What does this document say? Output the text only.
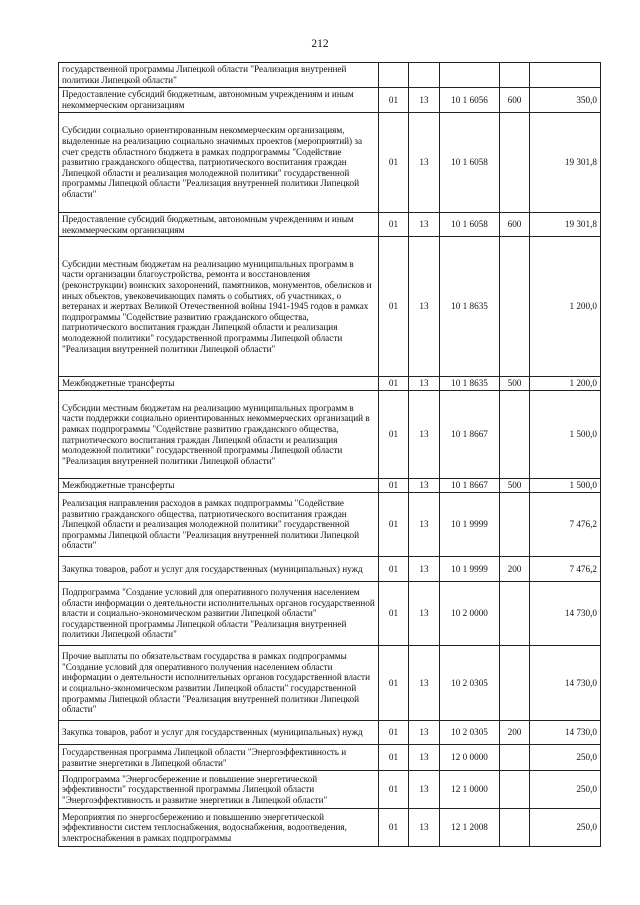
212
государственной программы Липецкой области "Реализация внутренней политики Липецкой области"					
Предоставление субсидий бюджетным, автономным учреждениям и иным некоммерческим организациям	01	13	10 1 6056	600	350,0
Субсидии социально ориентированным некоммерческим организациям, выделенные на реализацию социально значимых проектов (мероприятий) за счет средств областного бюджета в рамках подпрограммы "Содействие развитию гражданского общества, патриотического воспитания граждан Липецкой области и реализация молодежной политики" государственной программы Липецкой области "Реализация внутренней политики Липецкой области"	01	13	10 1 6058		19 301,8
Предоставление субсидий бюджетным, автономным учреждениям и иным некоммерческим организациям	01	13	10 1 6058	600	19 301,8
Субсидии местным бюджетам на реализацию муниципальных программ в части организации благоустройства, ремонта и восстановления (реконструкции) воинских захоронений, памятников, монументов, обелисков и иных объектов, увековечивающих память о событиях, об участниках, о ветеранах и жертвах Великой Отечественной войны 1941-1945 годов в рамках подпрограммы "Содействие развитию гражданского общества, патриотического воспитания граждан Липецкой области и реализация молодежной политики" государственной программы Липецкой области "Реализация внутренней политики Липецкой области"	01	13	10 1 8635		1 200,0
Межбюджетные трансферты	01	13	10 1 8635	500	1 200,0
Субсидии местным бюджетам на реализацию муниципальных программ в части поддержки социально ориентированных некоммерческих организаций в рамках подпрограммы "Содействие развитию гражданского общества, патриотического воспитания граждан Липецкой области и реализация молодежной политики" государственной программы Липецкой области "Реализация внутренней политики Липецкой области"	01	13	10 1 8667		1 500,0
Межбюджетные трансферты	01	13	10 1 8667	500	1 500,0
Реализация направления расходов в рамках подпрограммы "Содействие развитию гражданского общества, патриотического воспитания граждан Липецкой области и реализация молодежной политики" государственной программы Липецкой области "Реализация внутренней политики Липецкой области"	01	13	10 1 9999		7 476,2
Закупка товаров, работ и услуг для государственных (муниципальных) нужд	01	13	10 1 9999	200	7 476,2
Подпрограмма "Создание условий для оперативного получения населением области информации о деятельности исполнительных органов государственной власти и социально-экономическом развитии Липецкой области" государственной программы Липецкой области "Реализация внутренней политики Липецкой области"	01	13	10 2 0000		14 730,0
Прочие выплаты по обязательствам государства в рамках подпрограммы "Создание условий для оперативного получения населением области информации о деятельности исполнительных органов государственной власти и социально-экономическом развитии Липецкой области" государственной программы Липецкой области "Реализация внутренней политики Липецкой области"	01	13	10 2 0305		14 730,0
Закупка товаров, работ и услуг для государственных (муниципальных) нужд	01	13	10 2 0305	200	14 730,0
Государственная программа Липецкой области "Энергоэффективность и развитие энергетики в Липецкой области"	01	13	12 0 0000		250,0
Подпрограмма "Энергосбережение и повышение энергетической эффективности" государственной программы Липецкой области "Энергоэффективность и развитие энергетики в Липецкой области"	01	13	12 1 0000		250,0
Мероприятия по энергосбережению и повышению энергетической эффективности систем теплоснабжения, водоснабжения, водоотведения, электроснабжения в рамках подпрограммы	01	13	12 1 2008		250,0
